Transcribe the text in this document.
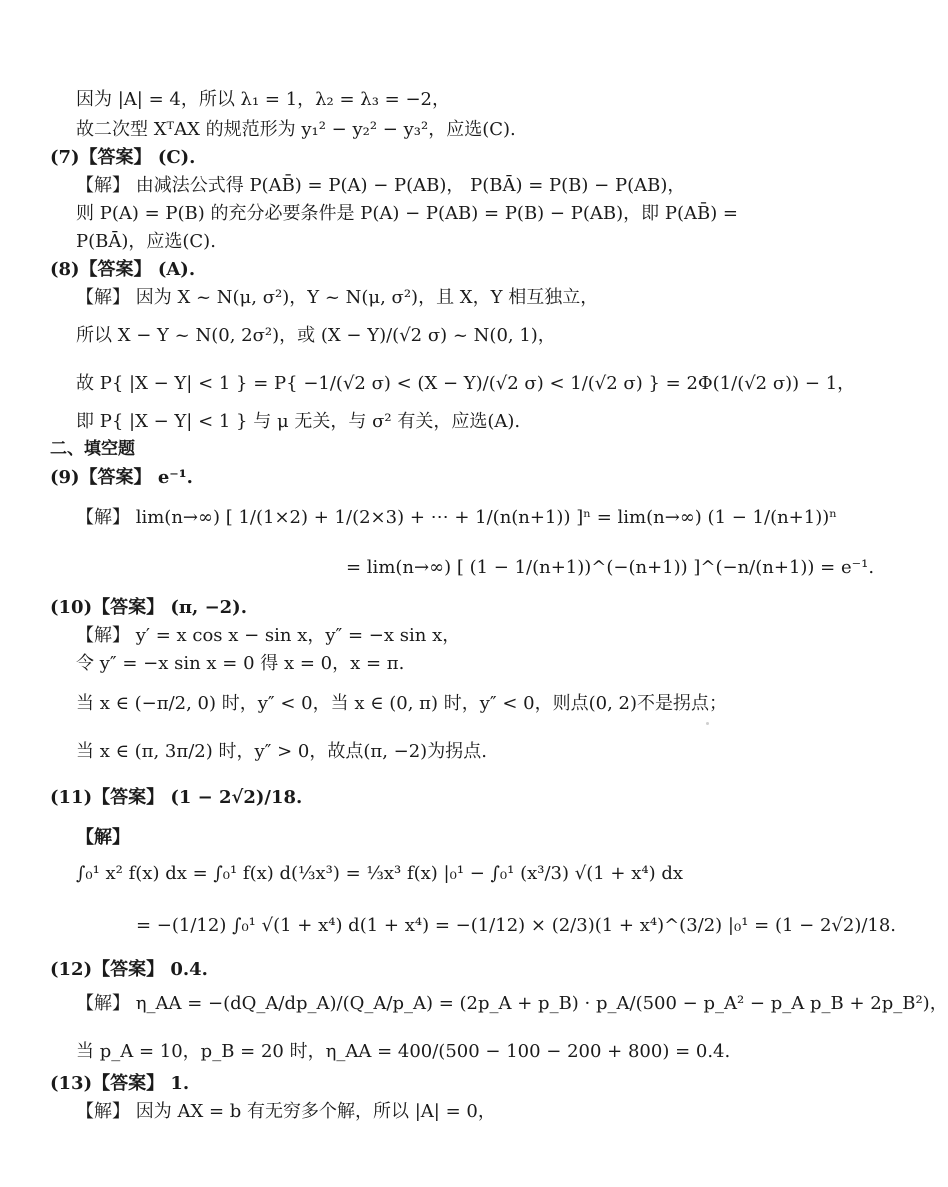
因为 |A| = 4，所以 λ₁ = 1，λ₂ = λ₃ = −2，
故二次型 XᵀAX 的规范形为 y₁² − y₂² − y₃²，应选(C).
(7)【答案】 (C).
【解】 由减法公式得 P(AB̄) = P(A) − P(AB)， P(BĀ) = P(B) − P(AB)，
则 P(A) = P(B) 的充分必要条件是 P(A) − P(AB) = P(B) − P(AB)，即 P(AB̄) =
P(BĀ)，应选(C).
(8)【答案】 (A).
【解】 因为 X ~ N(μ, σ²)，Y ~ N(μ, σ²)，且 X，Y 相互独立，
所以 X − Y ~ N(0, 2σ²)，或 (X − Y)/(√2 σ) ~ N(0, 1)，
故 P{ |X − Y| < 1 } = P{ −1/(√2 σ) < (X − Y)/(√2 σ) < 1/(√2 σ) } = 2Φ(1/(√2 σ)) − 1，
即 P{ |X − Y| < 1 } 与 μ 无关，与 σ² 有关，应选(A).
二、填空题
(9)【答案】 e⁻¹.
【解】 lim(n→∞) [ 1/(1×2) + 1/(2×3) + ⋯ + 1/(n(n+1)) ]ⁿ = lim(n→∞) (1 − 1/(n+1))ⁿ
= lim(n→∞) [ (1 − 1/(n+1))^(−(n+1)) ]^(−n/(n+1)) = e⁻¹.
(10)【答案】 (π, −2).
【解】 y′ = x cos x − sin x，y″ = −x sin x，
令 y″ = −x sin x = 0 得 x = 0，x = π.
当 x ∈ (−π/2, 0) 时，y″ < 0，当 x ∈ (0, π) 时，y″ < 0，则点(0, 2)不是拐点；
当 x ∈ (π, 3π/2) 时，y″ > 0，故点(π, −2)为拐点.
(11)【答案】 (1 − 2√2)/18.
【解】
∫₀¹ x² f(x) dx = ∫₀¹ f(x) d(⅓x³) = ⅓x³ f(x) |₀¹ − ∫₀¹ (x³/3) √(1 + x⁴) dx
= −(1/12) ∫₀¹ √(1 + x⁴) d(1 + x⁴) = −(1/12) × (2/3)(1 + x⁴)^(3/2) |₀¹ = (1 − 2√2)/18.
(12)【答案】 0.4.
【解】 η_AA = −(dQ_A/dp_A)/(Q_A/p_A) = (2p_A + p_B) · p_A/(500 − p_A² − p_A p_B + 2p_B²)，
当 p_A = 10，p_B = 20 时，η_AA = 400/(500 − 100 − 200 + 800) = 0.4.
(13)【答案】 1.
【解】 因为 AX = b 有无穷多个解，所以 |A| = 0，
